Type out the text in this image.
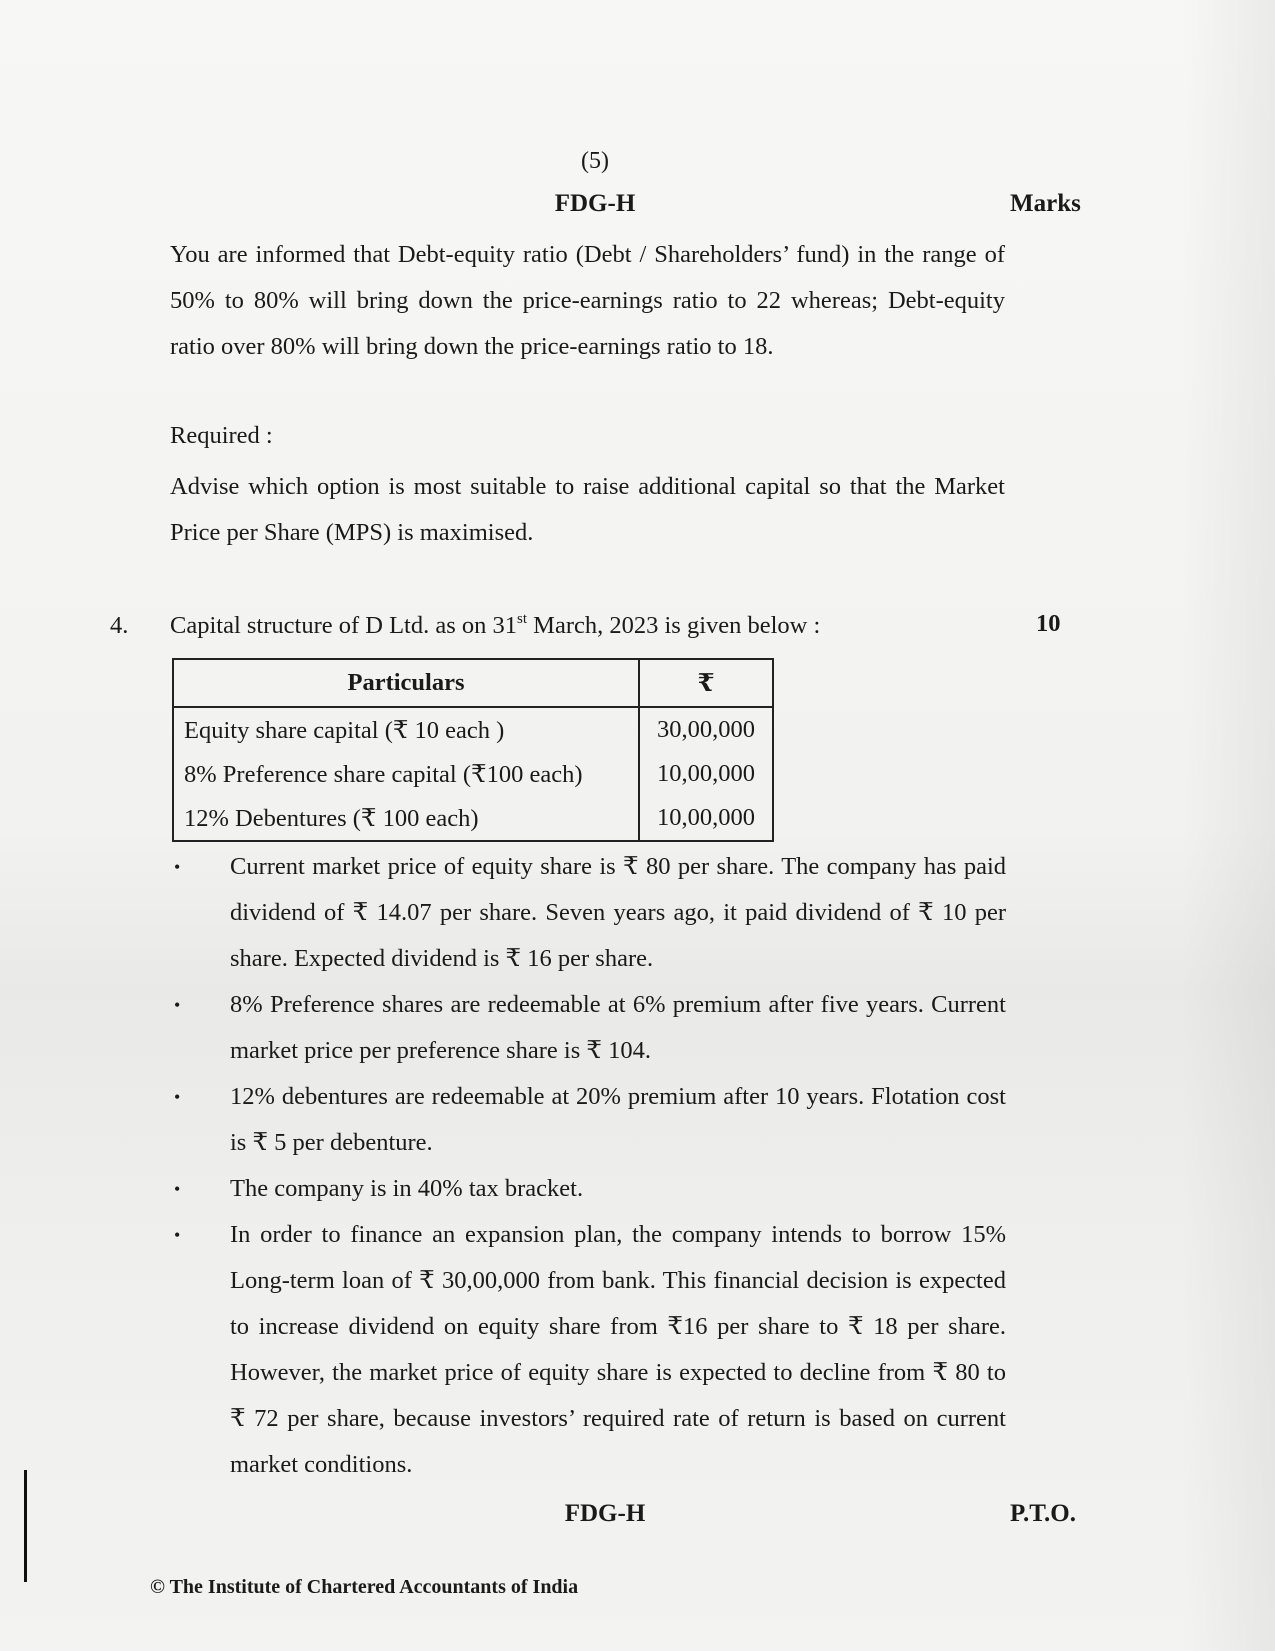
(5)
FDG-H	Marks

You are informed that Debt-equity ratio (Debt / Shareholders’ fund) in the range of 50% to 80% will bring down the price-earnings ratio to 22 whereas; Debt-equity ratio over 80% will bring down the price-earnings ratio to 18.

Required :

Advise which option is most suitable to raise additional capital so that the Market Price per Share (MPS) is maximised.

4. Capital structure of D Ltd. as on 31st March, 2023 is given below :	10
Particulars	₹
Equity share capital (₹ 10 each )	30,00,000
8% Preference share capital (₹100 each)	10,00,000
12% Debentures (₹ 100 each)	10,00,000
• Current market price of equity share is ₹ 80 per share. The company has paid dividend of ₹ 14.07 per share. Seven years ago, it paid dividend of ₹ 10 per share. Expected dividend is ₹ 16 per share.
• 8% Preference shares are redeemable at 6% premium after five years. Current market price per preference share is ₹ 104.
• 12% debentures are redeemable at 20% premium after 10 years. Flotation cost is ₹ 5 per debenture.
• The company is in 40% tax bracket.
• In order to finance an expansion plan, the company intends to borrow 15% Long-term loan of ₹ 30,00,000 from bank. This financial decision is expected to increase dividend on equity share from ₹16 per share to ₹ 18 per share. However, the market price of equity share is expected to decline from ₹ 80 to ₹ 72 per share, because investors’ required rate of return is based on current market conditions.
FDG-H	P.T.O.
© The Institute of Chartered Accountants of India
